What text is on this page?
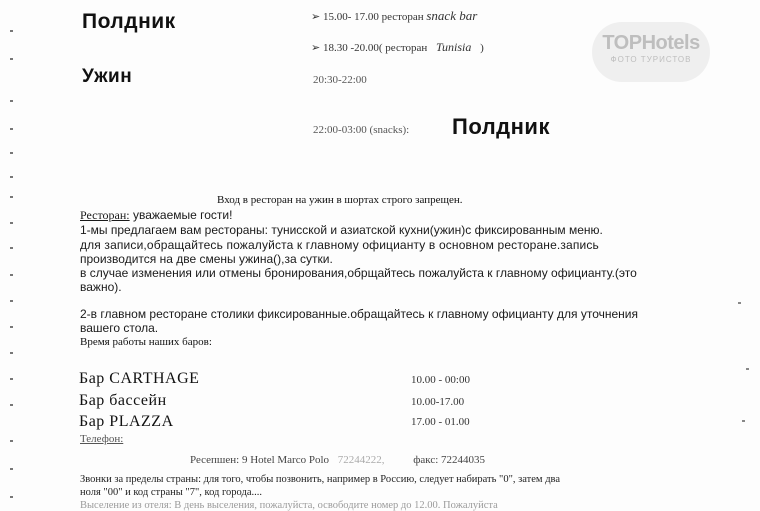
TOPHotels
ФОТО ТУРИСТОВ
Полдник	➢ 15.00- 17.00 ресторан snack bar
➢ 18.30 -20.00( ресторан Tunisia )
Ужин	20:30-22:00
22:00-03:00 (snacks): Полдник
Вход в ресторан на ужин в шортах строго запрещен.
Ресторан: уважаемые гости!
1-мы предлагаем вам рестораны: тунисской и азиатской кухни(ужин)с фиксированным меню.
для записи,обращайтесь пожалуйста к главному официанту в основном ресторане.запись
производится на две смены ужина(),за сутки.
в случае изменения или отмены бронирования,обрщайтесь пожалуйста к главному официанту.(это
важно).
2-в главном ресторане столики фиксированные.обращайтесь к главному официанту для уточнения
вашего стола.
Время работы наших баров:
Бар CARTHAGE	10.00 - 00:00
Бар бассейн	10.00-17.00
Бар PLAZZA	17.00 - 01.00
Телефон:
Ресепшен: 9 Hotel Marco Polo 72244222,	факс: 72244035
Звонки за пределы страны: для того, чтобы позвонить, например в Россию, следует набирать "0", затем два
ноля "00" и код страны "7", код города....
Выселение из отеля: В день выселения, пожалуйста, освободите номер до 12.00. Пожалуйста
